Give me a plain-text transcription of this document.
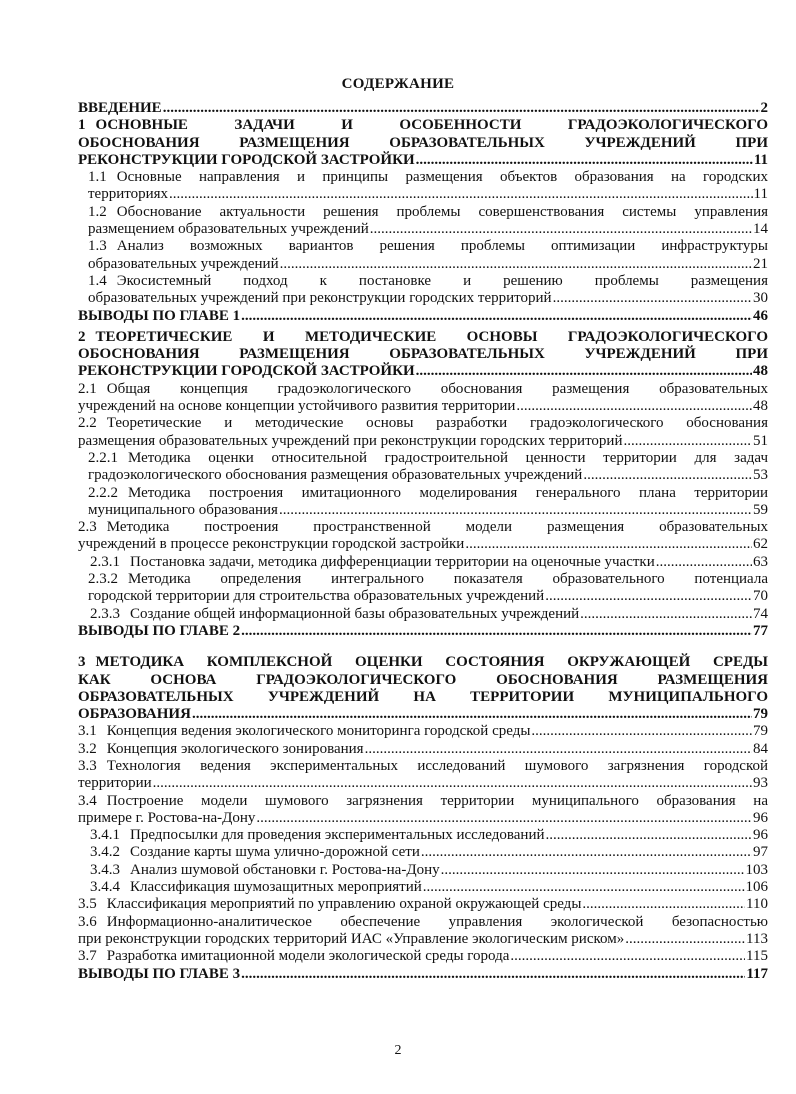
СОДЕРЖАНИЕ
ВВЕДЕНИЕ .....	2
1 ОСНОВНЫЕ ЗАДАЧИ И ОСОБЕННОСТИ ГРАДОЭКОЛОГИЧЕСКОГО
ОБОСНОВАНИЯ РАЗМЕЩЕНИЯ ОБРАЗОВАТЕЛЬНЫХ УЧРЕЖДЕНИЙ ПРИ
РЕКОНСТРУКЦИИ ГОРОДСКОЙ ЗАСТРОЙКИ .....	11
1.1 Основные направления и принципы размещения объектов образования на городских
территориях .....	11
1.2 Обоснование актуальности решения проблемы совершенствования системы управления
размещением образовательных учреждений .....	14
1.3 Анализ возможных вариантов решения проблемы оптимизации инфраструктуры
образовательных учреждений .....	21
1.4 Экосистемный подход к постановке и решению проблемы размещения
образовательных учреждений при реконструкции городских территорий .....	30
ВЫВОДЫ ПО ГЛАВЕ 1 .....	46
2 ТЕОРЕТИЧЕСКИЕ И МЕТОДИЧЕСКИЕ ОСНОВЫ ГРАДОЭКОЛОГИЧЕСКОГО
ОБОСНОВАНИЯ РАЗМЕЩЕНИЯ ОБРАЗОВАТЕЛЬНЫХ УЧРЕЖДЕНИЙ ПРИ
РЕКОНСТРУКЦИИ ГОРОДСКОЙ ЗАСТРОЙКИ .....	48
2.1 Общая концепция градоэкологического обоснования размещения образовательных
учреждений на основе концепции устойчивого развития территории .....	48
2.2 Теоретические и методические основы разработки градоэкологического обоснования
размещения образовательных учреждений при реконструкции городских территорий .....	51
2.2.1 Методика оценки относительной градостроительной ценности территории для задач
градоэкологического обоснования размещения образовательных учреждений .....	53
2.2.2 Методика построения имитационного моделирования генерального плана территории
муниципального образования .....	59
2.3 Методика построения пространственной модели размещения образовательных
учреждений в процессе реконструкции городской застройки .....	62
2.3.1 Постановка задачи, методика дифференциации территории на оценочные участки .....	63
2.3.2 Методика определения интегрального показателя образовательного потенциала
городской территории для строительства образовательных учреждений .....	70
2.3.3 Создание общей информационной базы образовательных учреждений .....	74
ВЫВОДЫ ПО ГЛАВЕ 2 .....	77
3 МЕТОДИКА КОМПЛЕКСНОЙ ОЦЕНКИ СОСТОЯНИЯ ОКРУЖАЮЩЕЙ СРЕДЫ
КАК ОСНОВА ГРАДОЭКОЛОГИЧЕСКОГО ОБОСНОВАНИЯ РАЗМЕЩЕНИЯ
ОБРАЗОВАТЕЛЬНЫХ УЧРЕЖДЕНИЙ НА ТЕРРИТОРИИ МУНИЦИПАЛЬНОГО
ОБРАЗОВАНИЯ .....	79
3.1 Концепция ведения экологического мониторинга городской среды .....	79
3.2 Концепция экологического зонирования .....	84
3.3 Технология ведения экспериментальных исследований шумового загрязнения городской
территории .....	93
3.4 Построение модели шумового загрязнения территории муниципального образования на
примере г. Ростова-на-Дону .....	96
3.4.1 Предпосылки для проведения экспериментальных исследований .....	96
3.4.2 Создание карты шума улично-дорожной сети .....	97
3.4.3 Анализ шумовой обстановки г. Ростова-на-Дону .....	103
3.4.4 Классификация шумозащитных мероприятий .....	106
3.5 Классификация мероприятий по управлению охраной окружающей среды .....	110
3.6 Информационно-аналитическое обеспечение управления экологической безопасностью
при реконструкции городских территорий ИАС «Управление экологическим риском» .....	113
3.7 Разработка имитационной модели экологической среды города .....	115
ВЫВОДЫ ПО ГЛАВЕ 3 .....	117
2
